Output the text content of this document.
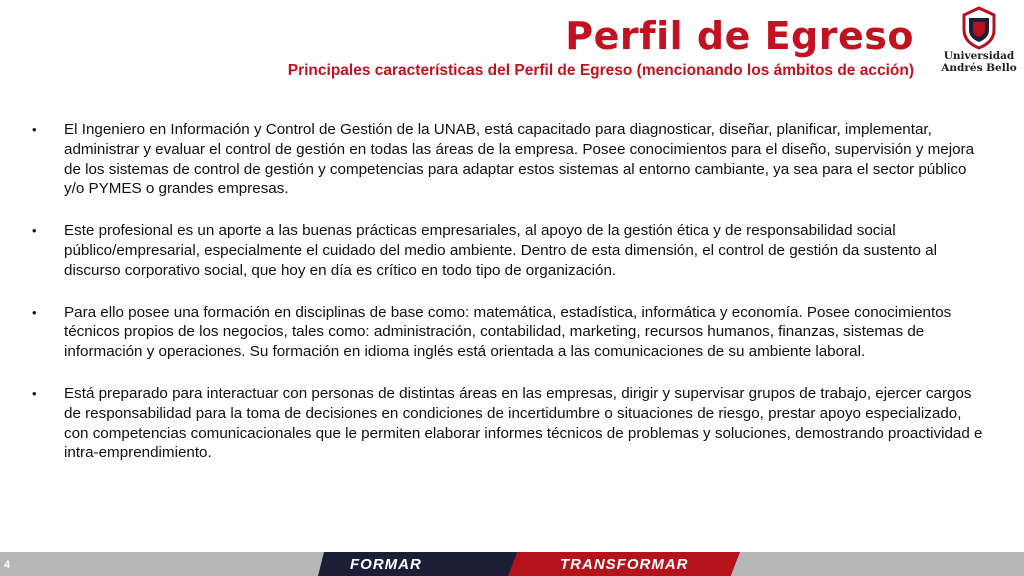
Perfil de Egreso
Principales características del Perfil de Egreso (mencionando los ámbitos de acción)
Universidad
Andrés Bello
• El Ingeniero en Información y Control de Gestión de la UNAB, está capacitado para diagnosticar, diseñar, planificar, implementar, administrar y evaluar el control de gestión en todas las áreas de la empresa. Posee conocimientos para el diseño, supervisión y mejora de los sistemas de control de gestión y competencias para adaptar estos sistemas al entorno cambiante, ya sea para el sector público y/o PYMES o grandes empresas.
• Este profesional es un aporte a las buenas prácticas empresariales, al apoyo de la gestión ética y de responsabilidad social público/empresarial, especialmente el cuidado del medio ambiente. Dentro de esta dimensión, el control de gestión da sustento al discurso corporativo social, que hoy en día es crítico en todo tipo de organización.
• Para ello posee una formación en disciplinas de base como: matemática, estadística, informática y economía. Posee conocimientos técnicos propios de los negocios, tales como: administración, contabilidad, marketing, recursos humanos, finanzas, sistemas de información y operaciones. Su formación en idioma inglés está orientada a las comunicaciones de su ambiente laboral.
• Está preparado para interactuar con personas de distintas áreas en las empresas, dirigir y supervisar grupos de trabajo, ejercer cargos de responsabilidad para la toma de decisiones en condiciones de incertidumbre o situaciones de riesgo, prestar apoyo especializado, con competencias comunicacionales que le permiten elaborar informes técnicos de problemas y soluciones, demostrando proactividad e intra-emprendimiento.
4	FORMAR	TRANSFORMAR
